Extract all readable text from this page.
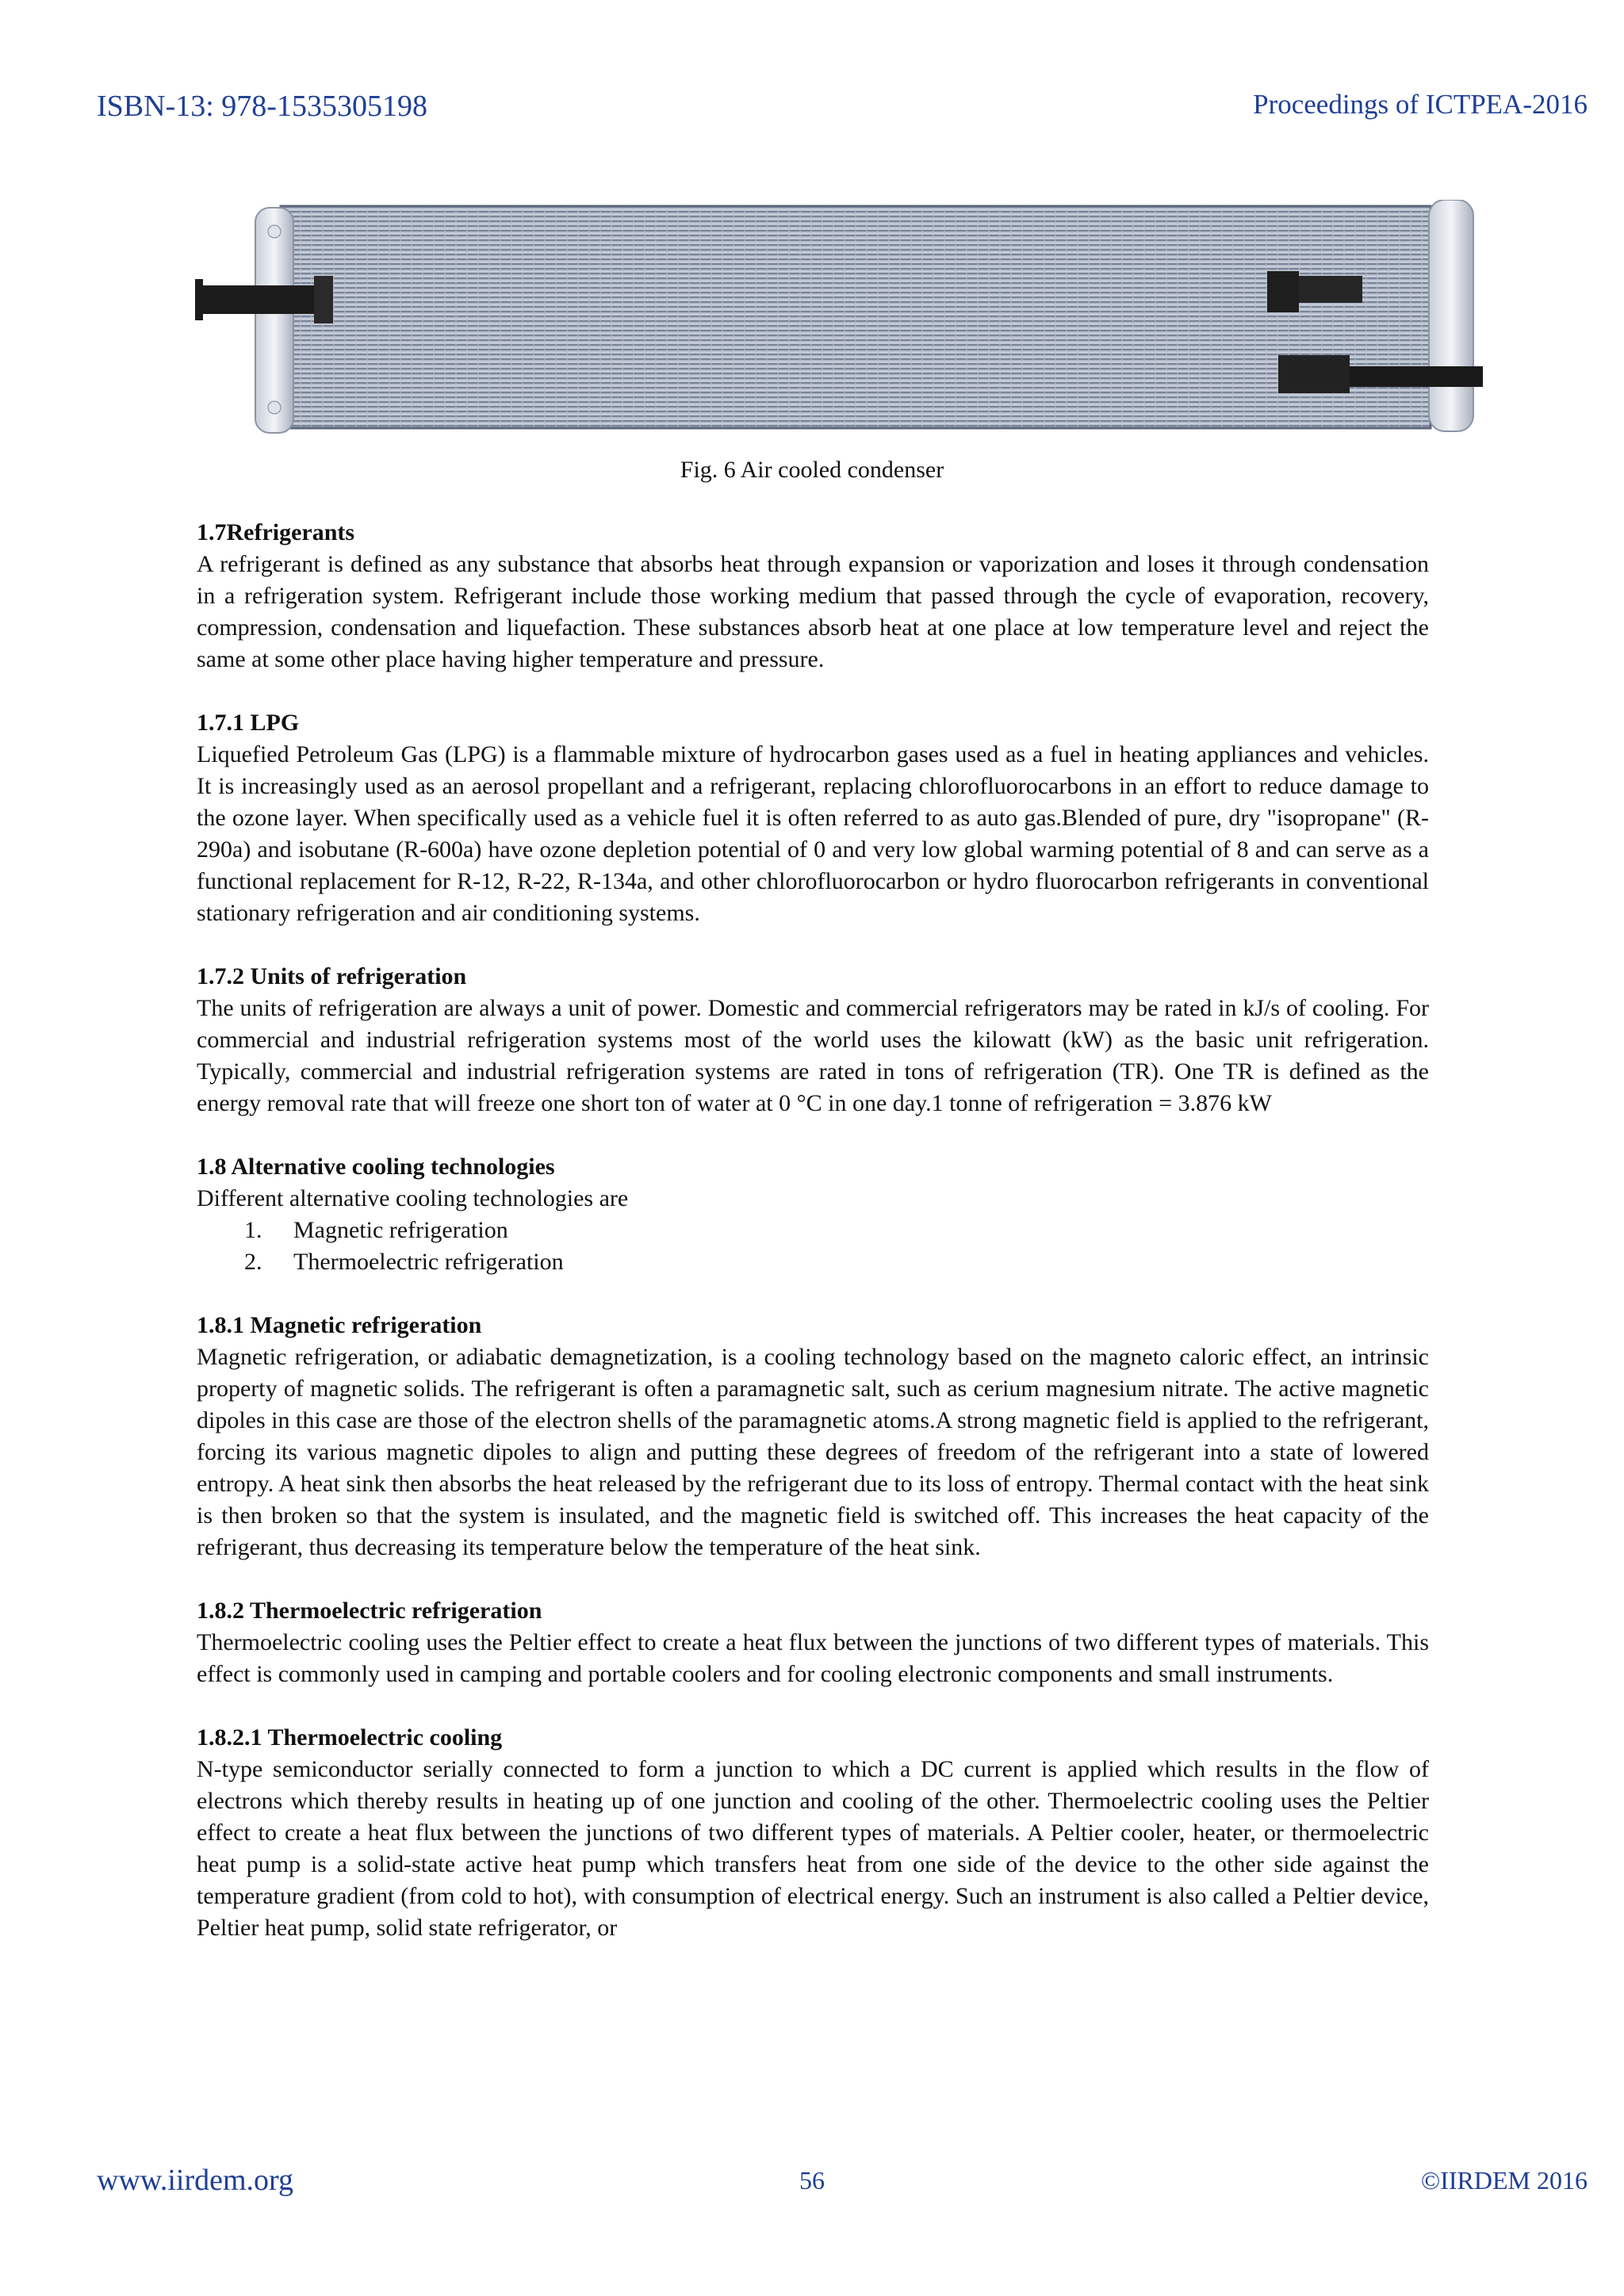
ISBN-13: 978-1535305198	Proceedings of ICTPEA-2016
Fig. 6 Air cooled condenser
1.7Refrigerants
A refrigerant is defined as any substance that absorbs heat through expansion or vaporization and loses it through condensation in a refrigeration system. Refrigerant include those working medium that passed through the cycle of evaporation, recovery, compression, condensation and liquefaction. These substances absorb heat at one place at low temperature level and reject the same at some other place having higher temperature and pressure.
1.7.1 LPG
Liquefied Petroleum Gas (LPG) is a flammable mixture of hydrocarbon gases used as a fuel in heating appliances and vehicles. It is increasingly used as an aerosol propellant and a refrigerant, replacing chlorofluorocarbons in an effort to reduce damage to the ozone layer. When specifically used as a vehicle fuel it is often referred to as auto gas.Blended of pure, dry "isopropane" (R-290a) and isobutane (R-600a) have ozone depletion potential of 0 and very low global warming potential of 8 and can serve as a functional replacement for R-12, R-22, R-134a, and other chlorofluorocarbon or hydro fluorocarbon refrigerants in conventional stationary refrigeration and air conditioning systems.
1.7.2 Units of refrigeration
The units of refrigeration are always a unit of power. Domestic and commercial refrigerators may be rated in kJ/s of cooling. For commercial and industrial refrigeration systems most of the world uses the kilowatt (kW) as the basic unit refrigeration. Typically, commercial and industrial refrigeration systems are rated in tons of refrigeration (TR). One TR is defined as the energy removal rate that will freeze one short ton of water at 0 °C in one day.1 tonne of refrigeration = 3.876 kW
1.8 Alternative cooling technologies
Different alternative cooling technologies are
1. Magnetic refrigeration
2. Thermoelectric refrigeration
1.8.1 Magnetic refrigeration
Magnetic refrigeration, or adiabatic demagnetization, is a cooling technology based on the magneto caloric effect, an intrinsic property of magnetic solids. The refrigerant is often a paramagnetic salt, such as cerium magnesium nitrate. The active magnetic dipoles in this case are those of the electron shells of the paramagnetic atoms.A strong magnetic field is applied to the refrigerant, forcing its various magnetic dipoles to align and putting these degrees of freedom of the refrigerant into a state of lowered entropy. A heat sink then absorbs the heat released by the refrigerant due to its loss of entropy. Thermal contact with the heat sink is then broken so that the system is insulated, and the magnetic field is switched off. This increases the heat capacity of the refrigerant, thus decreasing its temperature below the temperature of the heat sink.
1.8.2 Thermoelectric refrigeration
Thermoelectric cooling uses the Peltier effect to create a heat flux between the junctions of two different types of materials. This effect is commonly used in camping and portable coolers and for cooling electronic components and small instruments.
1.8.2.1 Thermoelectric cooling
N-type semiconductor serially connected to form a junction to which a DC current is applied which results in the flow of electrons which thereby results in heating up of one junction and cooling of the other. Thermoelectric cooling uses the Peltier effect to create a heat flux between the junctions of two different types of materials. A Peltier cooler, heater, or thermoelectric heat pump is a solid-state active heat pump which transfers heat from one side of the device to the other side against the temperature gradient (from cold to hot), with consumption of electrical energy. Such an instrument is also called a Peltier device, Peltier heat pump, solid state refrigerator, or
www.iirdem.org	56	©IIRDEM 2016
